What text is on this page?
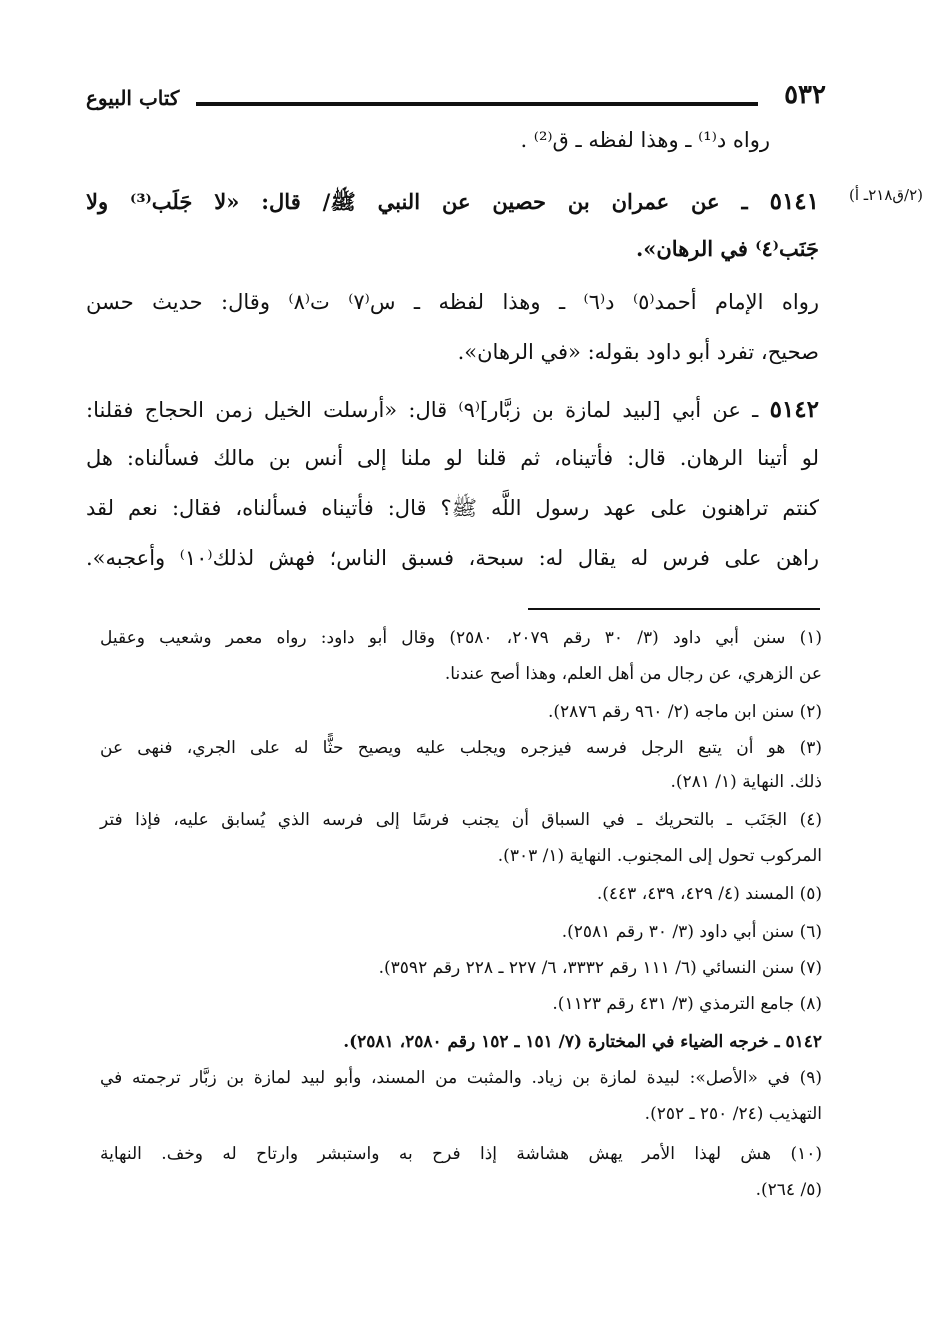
٥٣٢
كتاب البيوع
(٢/ق٢١٨ـ أ)
رواه د⁽¹⁾ ـ وهذا لفظه ـ ق⁽²⁾ .
٥١٤١ ـ عن عمران بن حصين عن النبي ﷺ/ قال: «لا جَلَب⁽³⁾ ولا
جَنَب⁽٤⁾ في الرهان».
رواه الإمام أحمد⁽٥⁾ د⁽٦⁾ ـ وهذا لفظه ـ س⁽٧⁾ ت⁽٨⁾ وقال: حديث حسن
صحيح، تفرد أبو داود بقوله: «في الرهان».
٥١٤٢ ـ عن أبي [لبيد لمازة بن زبَّار]⁽٩⁾ قال: «أرسلت الخيل زمن الحجاج فقلنا:
لو أتينا الرهان. قال: فأتيناه، ثم قلنا لو ملنا إلى أنس بن مالك فسألناه: هل
كنتم تراهنون على عهد رسول اللَّه ﷺ؟ قال: فأتيناه فسألناه، فقال: نعم لقد
راهن على فرس له يقال له: سبحة، فسبق الناس؛ فهش لذلك⁽١٠⁾ وأعجبه».
(١) سنن أبي داود (٣/ ٣٠ رقم ٢٠٧٩، ٢٥٨٠) وقال أبو داود: رواه معمر وشعيب وعقيل
عن الزهري، عن رجال من أهل العلم، وهذا أصح عندنا.
(٢) سنن ابن ماجه (٢/ ٩٦٠ رقم ٢٨٧٦).
(٣) هو أن يتبع الرجل فرسه فيزجره ويجلب عليه ويصيح حثًّا له على الجري، فنهى عن
ذلك. النهاية (١/ ٢٨١).
(٤) الجَنَب ـ بالتحريك ـ في السباق أن يجنب فرسًا إلى فرسه الذي يُسابق عليه، فإذا فتر
المركوب تحول إلى المجنوب. النهاية (١/ ٣٠٣).
(٥) المسند (٤/ ٤٢٩، ٤٣٩، ٤٤٣).
(٦) سنن أبي داود (٣/ ٣٠ رقم ٢٥٨١).
(٧) سنن النسائي (٦/ ١١١ رقم ٣٣٣٢، ٦/ ٢٢٧ ـ ٢٢٨ رقم ٣٥٩٢).
(٨) جامع الترمذي (٣/ ٤٣١ رقم ١١٢٣).
٥١٤٢ ـ خرجه الضياء في المختارة (٧/ ١٥١ ـ ١٥٢ رقم ٢٥٨٠، ٢٥٨١).
(٩) في «الأصل»: لبيدة لمازة بن زياد. والمثبت من المسند، وأبو لبيد لمازة بن زبَّار ترجمته في
التهذيب (٢٤/ ٢٥٠ ـ ٢٥٢).
(١٠) هش لهذا الأمر يهش هشاشة إذا فرح به واستبشر وارتاح له وخف. النهاية
(٥/ ٢٦٤).
